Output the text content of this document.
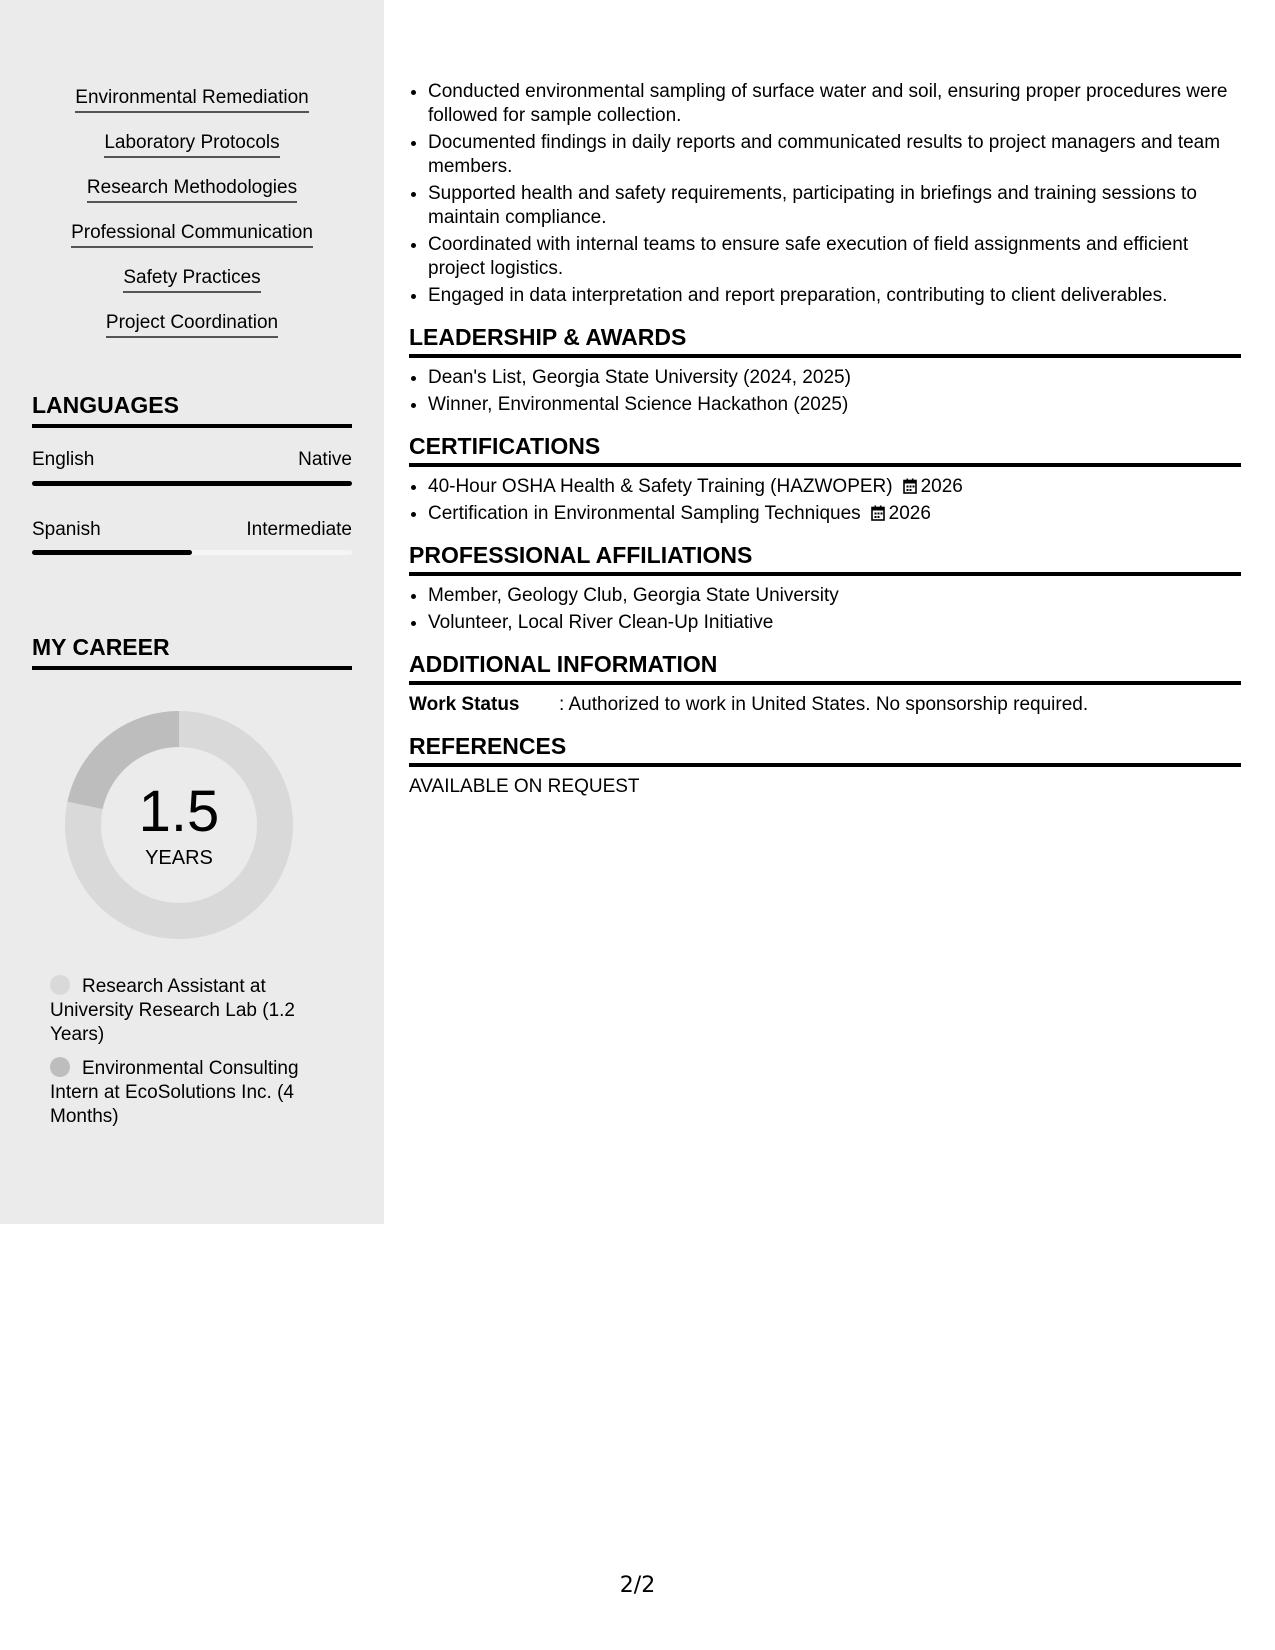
Environmental Remediation
Laboratory Protocols
Research Methodologies
Professional Communication
Safety Practices
Project Coordination
LANGUAGES
English	Native
Spanish	Intermediate
MY CAREER
1.5
YEARS
Research Assistant at University Research Lab (1.2 Years)
Environmental Consulting Intern at EcoSolutions Inc. (4 Months)
• Conducted environmental sampling of surface water and soil, ensuring proper procedures were followed for sample collection.
• Documented findings in daily reports and communicated results to project managers and team members.
• Supported health and safety requirements, participating in briefings and training sessions to maintain compliance.
• Coordinated with internal teams to ensure safe execution of field assignments and efficient project logistics.
• Engaged in data interpretation and report preparation, contributing to client deliverables.
LEADERSHIP & AWARDS
• Dean's List, Georgia State University (2024, 2025)
• Winner, Environmental Science Hackathon (2025)
CERTIFICATIONS
• 40-Hour OSHA Health & Safety Training (HAZWOPER) 2026
• Certification in Environmental Sampling Techniques 2026
PROFESSIONAL AFFILIATIONS
• Member, Geology Club, Georgia State University
• Volunteer, Local River Clean-Up Initiative
ADDITIONAL INFORMATION
Work Status	: Authorized to work in United States. No sponsorship required.
REFERENCES
AVAILABLE ON REQUEST
2/2
